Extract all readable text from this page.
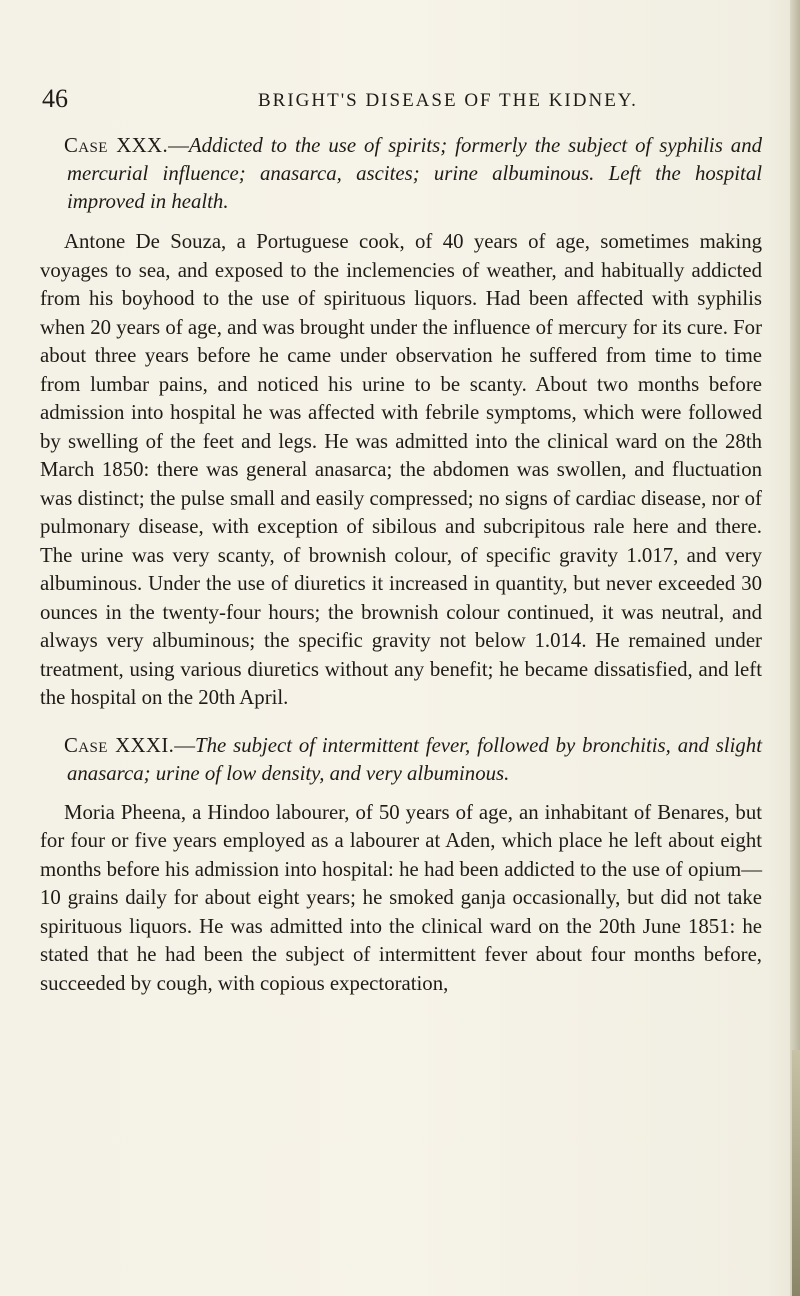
46	BRIGHT'S DISEASE OF THE KIDNEY.

Case XXX.—Addicted to the use of spirits; formerly the subject of syphilis and mercurial influence; anasarca, ascites; urine albuminous. Left the hospital improved in health.

Antone De Souza, a Portuguese cook, of 40 years of age, sometimes making voyages to sea, and exposed to the inclemencies of weather, and habitually addicted from his boyhood to the use of spirituous liquors. Had been affected with syphilis when 20 years of age, and was brought under the influence of mercury for its cure. For about three years before he came under observation he suffered from time to time from lumbar pains, and noticed his urine to be scanty. About two months before admission into hospital he was affected with febrile symptoms, which were followed by swelling of the feet and legs. He was admitted into the clinical ward on the 28th March 1850: there was general anasarca; the abdomen was swollen, and fluctuation was distinct; the pulse small and easily compressed; no signs of cardiac disease, nor of pulmonary disease, with exception of sibilous and subcripitous rale here and there. The urine was very scanty, of brownish colour, of specific gravity 1.017, and very albuminous. Under the use of diuretics it increased in quantity, but never exceeded 30 ounces in the twenty-four hours; the brownish colour continued, it was neutral, and always very albuminous; the specific gravity not below 1.014. He remained under treatment, using various diuretics without any benefit; he became dissatisfied, and left the hospital on the 20th April.

Case XXXI.—The subject of intermittent fever, followed by bronchitis, and slight anasarca; urine of low density, and very albuminous.

Moria Pheena, a Hindoo labourer, of 50 years of age, an inhabitant of Benares, but for four or five years employed as a labourer at Aden, which place he left about eight months before his admission into hospital: he had been addicted to the use of opium—10 grains daily for about eight years; he smoked ganja occasionally, but did not take spirituous liquors. He was admitted into the clinical ward on the 20th June 1851: he stated that he had been the subject of intermittent fever about four months before, succeeded by cough, with copious expectoration,
